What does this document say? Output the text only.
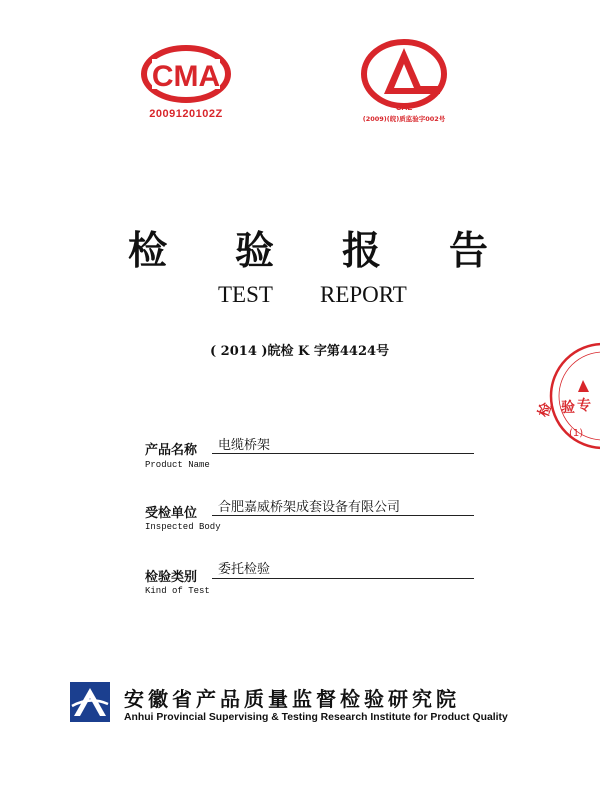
CMA
2009120102Z
CAL
(2009)(皖)质监验字002号
检 验 报 告
TEST REPORT
( 2014 )皖检 K 字第4424号
产品名称
Product Name
电缆桥架
受检单位
Inspected Body
合肥嘉威桥架成套设备有限公司
检验类别
Kind of Test
委托检验
检 验 专
(1)
安徽省产品质量监督检验研究院
Anhui Provincial Supervising & Testing Research Institute for Product Quality
